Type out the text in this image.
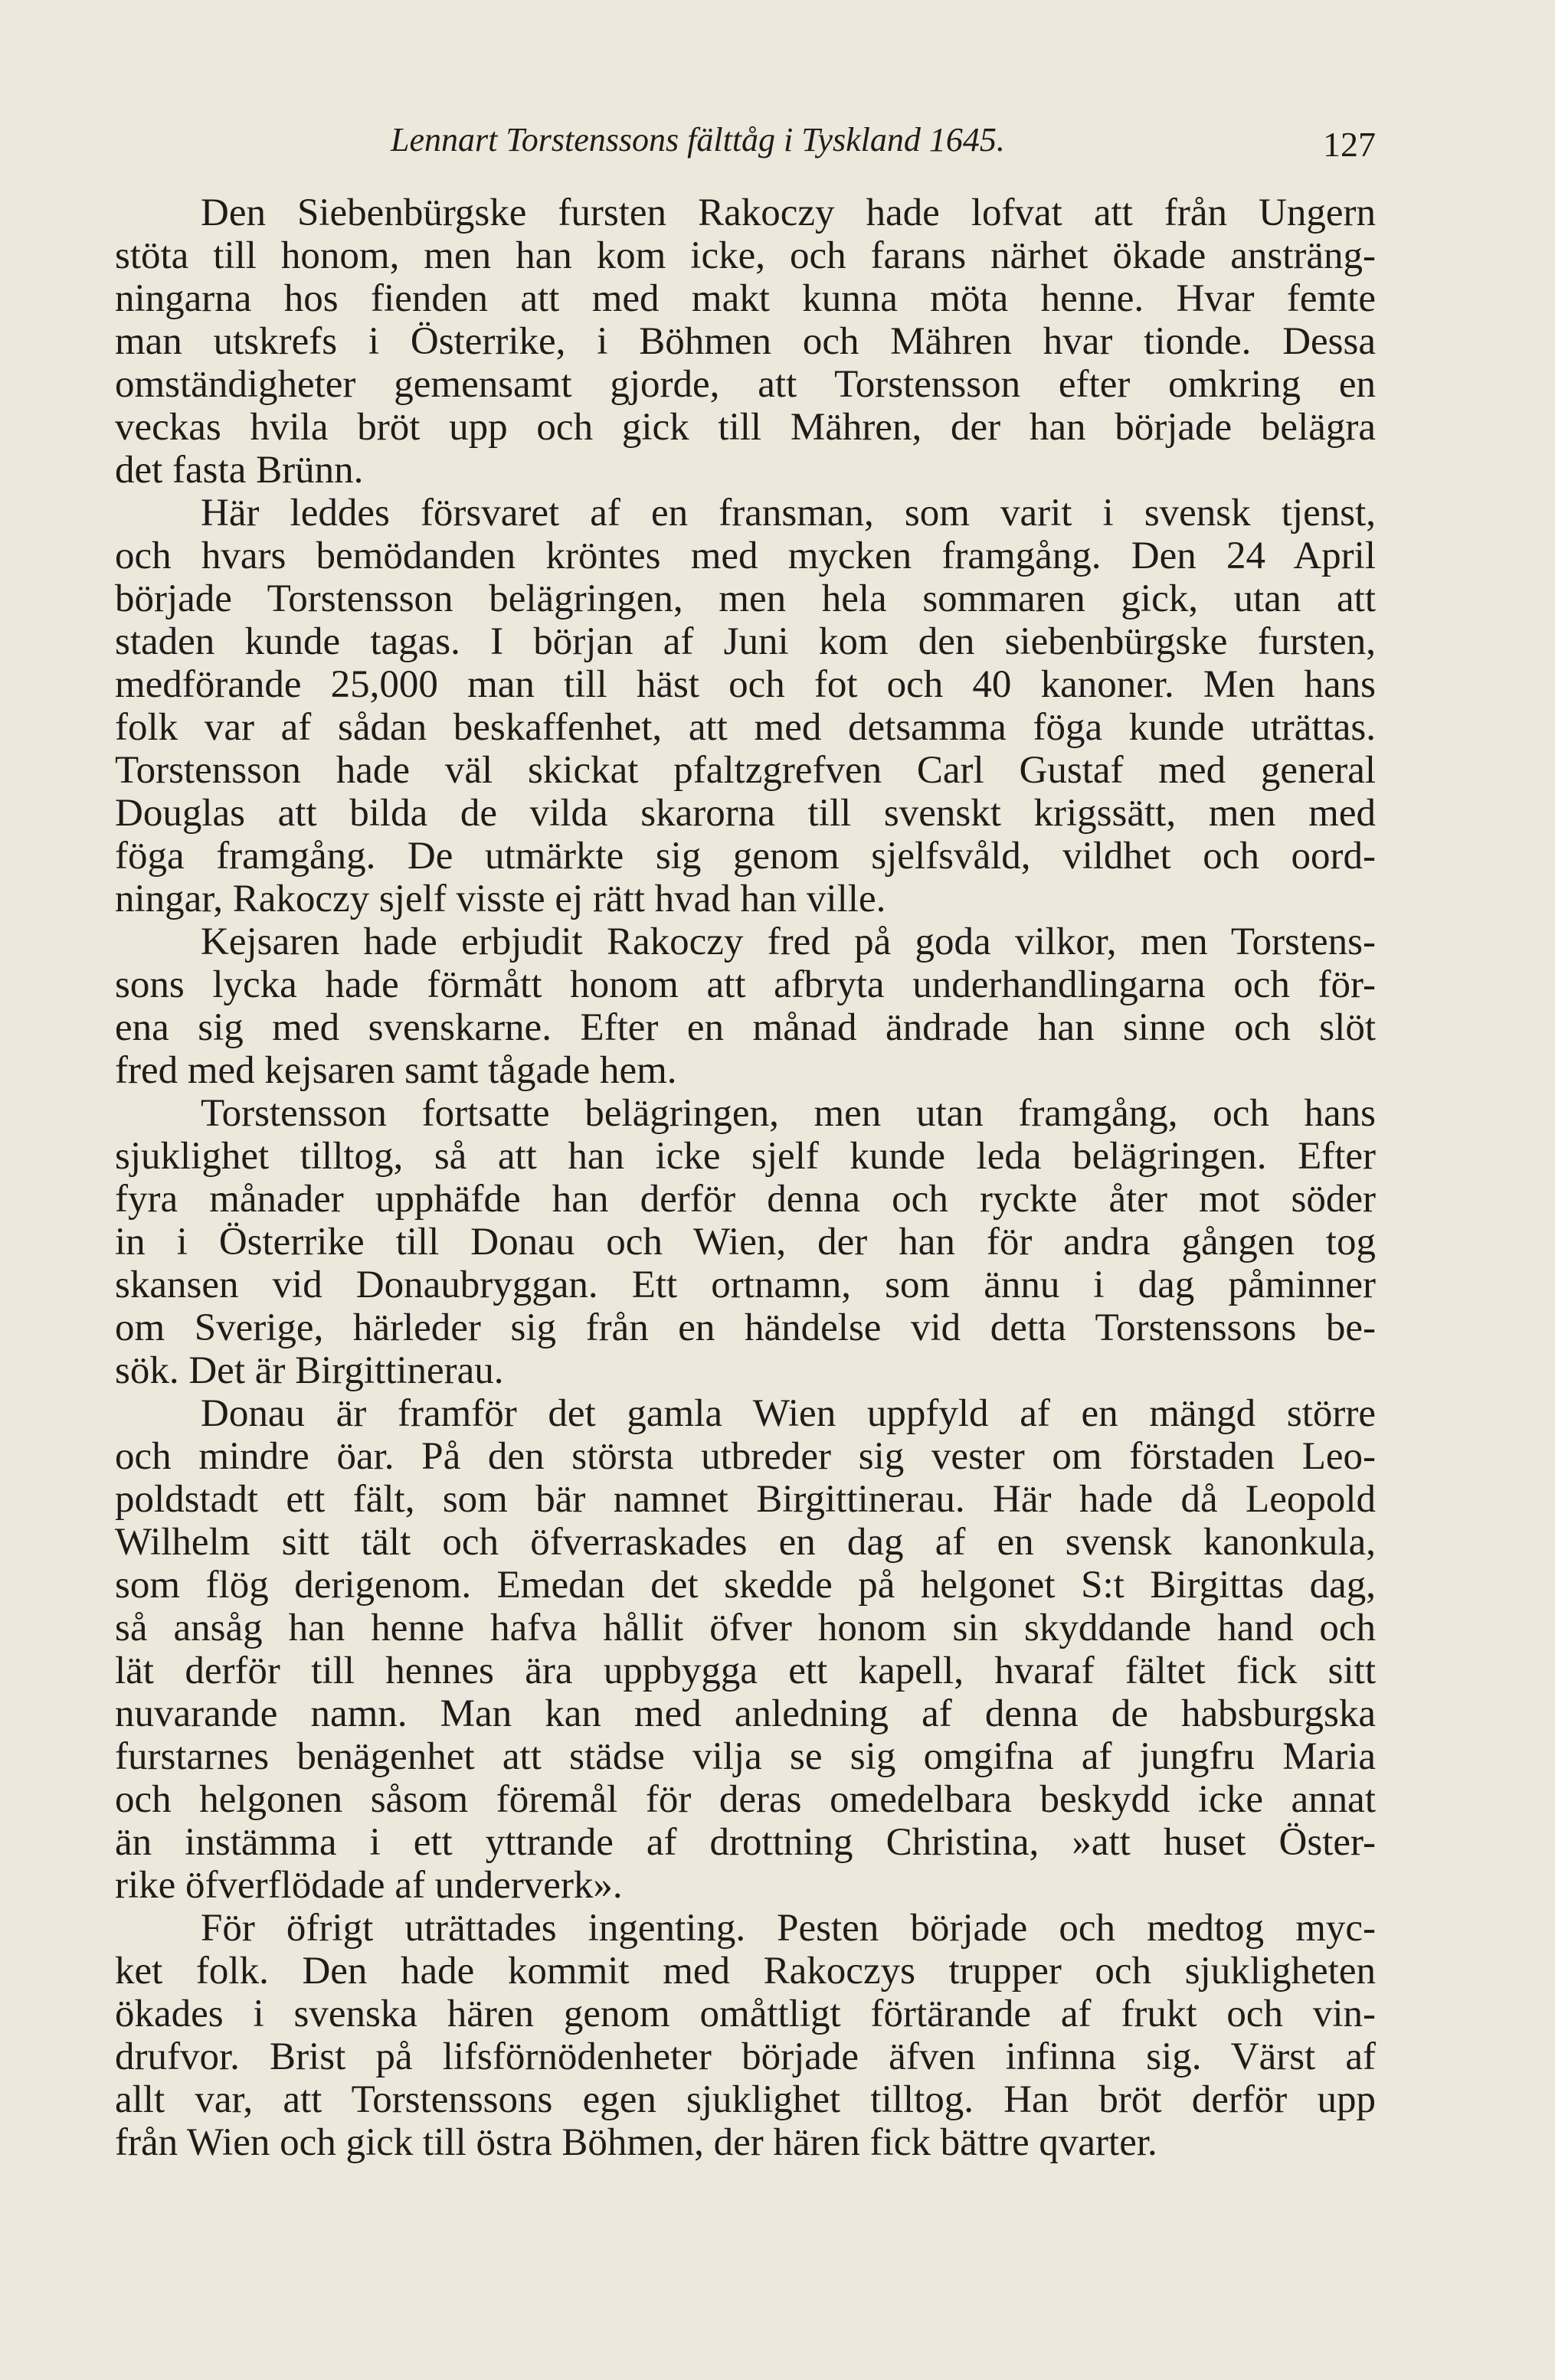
Lennart Torstenssons fälttåg i Tyskland 1645.	127
Den Siebenbürgske fursten Rakoczy hade lofvat att från Ungern
stöta till honom, men han kom icke, och farans närhet ökade ansträng-
ningarna hos fienden att med makt kunna möta henne. Hvar femte
man utskrefs i Österrike, i Böhmen och Mähren hvar tionde. Dessa
omständigheter gemensamt gjorde, att Torstensson efter omkring en
veckas hvila bröt upp och gick till Mähren, der han började belägra
det fasta Brünn.
Här leddes försvaret af en fransman, som varit i svensk tjenst,
och hvars bemödanden kröntes med mycken framgång. Den 24 April
började Torstensson belägringen, men hela sommaren gick, utan att
staden kunde tagas. I början af Juni kom den siebenbürgske fursten,
medförande 25,000 man till häst och fot och 40 kanoner. Men hans
folk var af sådan beskaffenhet, att med detsamma föga kunde uträttas.
Torstensson hade väl skickat pfaltzgrefven Carl Gustaf med general
Douglas att bilda de vilda skarorna till svenskt krigssätt, men med
föga framgång. De utmärkte sig genom sjelfsvåld, vildhet och oord-
ningar, Rakoczy sjelf visste ej rätt hvad han ville.
Kejsaren hade erbjudit Rakoczy fred på goda vilkor, men Torstens-
sons lycka hade förmått honom att afbryta underhandlingarna och för-
ena sig med svenskarne. Efter en månad ändrade han sinne och slöt
fred med kejsaren samt tågade hem.
Torstensson fortsatte belägringen, men utan framgång, och hans
sjuklighet tilltog, så att han icke sjelf kunde leda belägringen. Efter
fyra månader upphäfde han derför denna och ryckte åter mot söder
in i Österrike till Donau och Wien, der han för andra gången tog
skansen vid Donaubryggan. Ett ortnamn, som ännu i dag påminner
om Sverige, härleder sig från en händelse vid detta Torstenssons be-
sök. Det är Birgittinerau.
Donau är framför det gamla Wien uppfyld af en mängd större
och mindre öar. På den största utbreder sig vester om förstaden Leo-
poldstadt ett fält, som bär namnet Birgittinerau. Här hade då Leopold
Wilhelm sitt tält och öfverraskades en dag af en svensk kanonkula,
som flög derigenom. Emedan det skedde på helgonet S:t Birgittas dag,
så ansåg han henne hafva hållit öfver honom sin skyddande hand och
lät derför till hennes ära uppbygga ett kapell, hvaraf fältet fick sitt
nuvarande namn. Man kan med anledning af denna de habsburgska
furstarnes benägenhet att städse vilja se sig omgifna af jungfru Maria
och helgonen såsom föremål för deras omedelbara beskydd icke annat
än instämma i ett yttrande af drottning Christina, »att huset Öster-
rike öfverflödade af underverk».
För öfrigt uträttades ingenting. Pesten började och medtog myc-
ket folk. Den hade kommit med Rakoczys trupper och sjukligheten
ökades i svenska hären genom omåttligt förtärande af frukt och vin-
drufvor. Brist på lifsförnödenheter började äfven infinna sig. Värst af
allt var, att Torstenssons egen sjuklighet tilltog. Han bröt derför upp
från Wien och gick till östra Böhmen, der hären fick bättre qvarter.
